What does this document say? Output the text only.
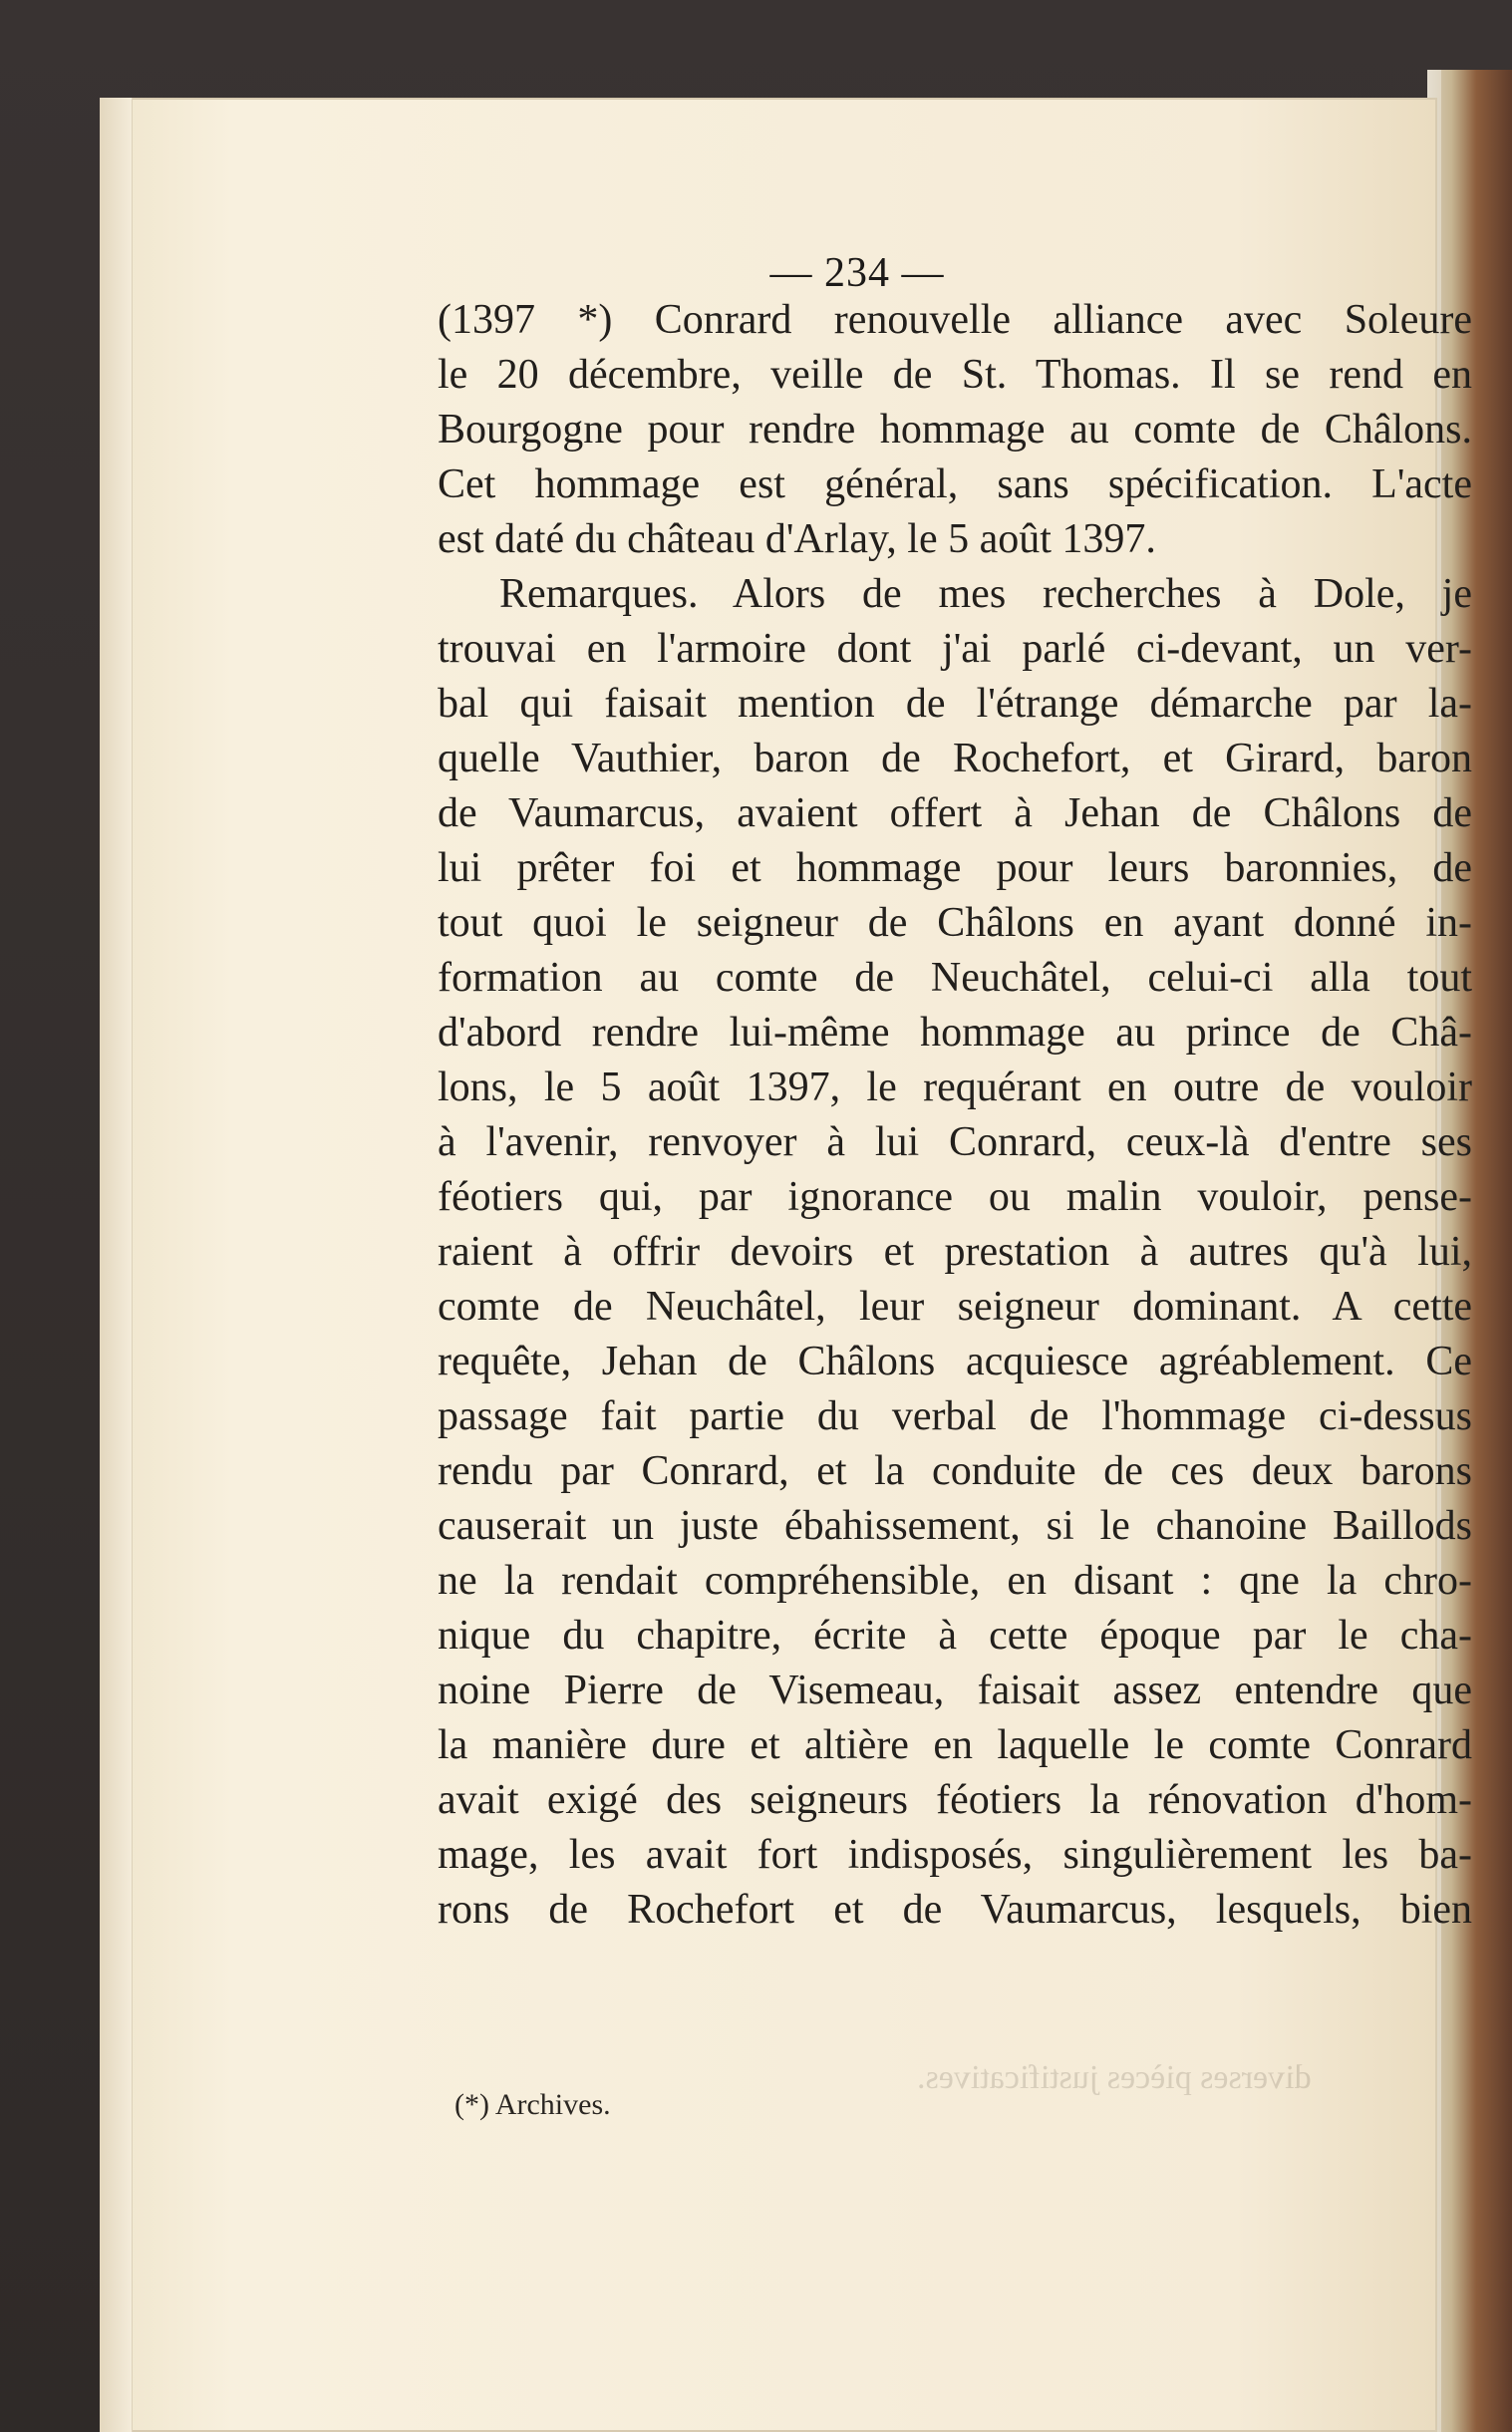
— 234 —
(1397 *) Conrard renouvelle alliance avec Soleure
le 20 décembre, veille de St. Thomas. Il se rend en
Bourgogne pour rendre hommage au comte de Châlons.
Cet hommage est général, sans spécification. L'acte
est daté du château d'Arlay, le 5 août 1397.
Remarques. Alors de mes recherches à Dole, je
trouvai en l'armoire dont j'ai parlé ci-devant, un ver-
bal qui faisait mention de l'étrange démarche par la-
quelle Vauthier, baron de Rochefort, et Girard, baron
de Vaumarcus, avaient offert à Jehan de Châlons de
lui prêter foi et hommage pour leurs baronnies, de
tout quoi le seigneur de Châlons en ayant donné in-
formation au comte de Neuchâtel, celui-ci alla tout
d'abord rendre lui-même hommage au prince de Châ-
lons, le 5 août 1397, le requérant en outre de vouloir
à l'avenir, renvoyer à lui Conrard, ceux-là d'entre ses
féotiers qui, par ignorance ou malin vouloir, pense-
raient à offrir devoirs et prestation à autres qu'à lui,
comte de Neuchâtel, leur seigneur dominant. A cette
requête, Jehan de Châlons acquiesce agréablement. Ce
passage fait partie du verbal de l'hommage ci-dessus
rendu par Conrard, et la conduite de ces deux barons
causerait un juste ébahissement, si le chanoine Baillods
ne la rendait compréhensible, en disant : qne la chro-
nique du chapitre, écrite à cette époque par le cha-
noine Pierre de Visemeau, faisait assez entendre que
la manière dure et altière en laquelle le comte Conrard
avait exigé des seigneurs féotiers la rénovation d'hom-
mage, les avait fort indisposés, singulièrement les ba-
rons de Rochefort et de Vaumarcus, lesquels, bien
diverses pièces justificatives.
(*) Archives.
